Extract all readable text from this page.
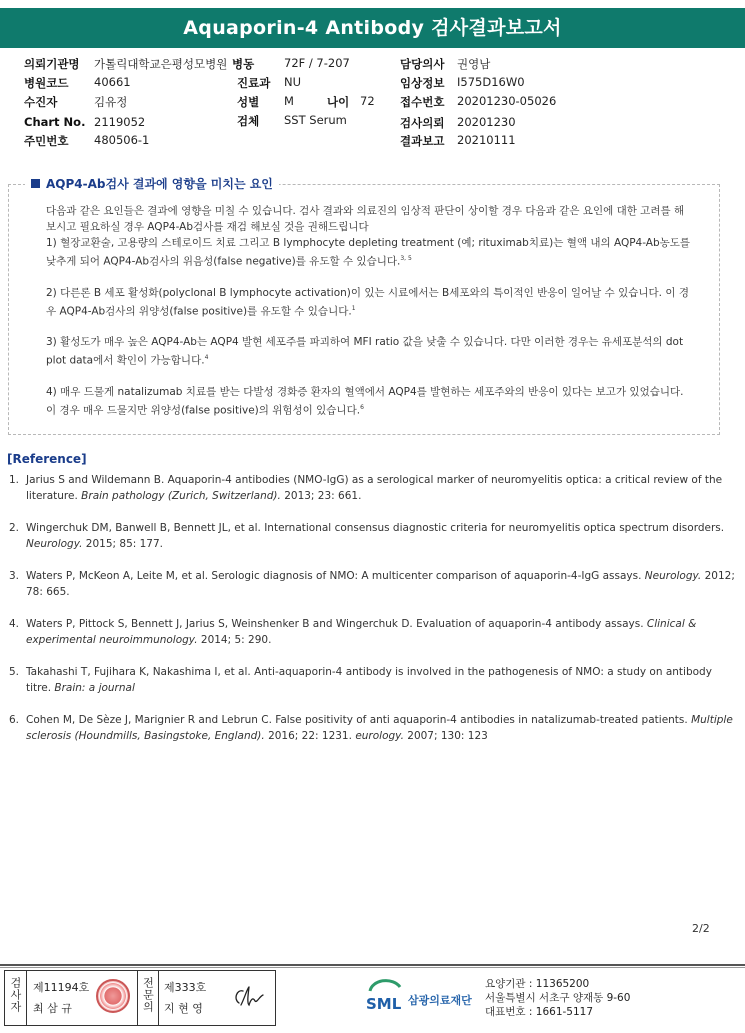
Aquaporin-4 Antibody 검사결과보고서
의뢰기관명 가톨릭대학교은평성모병원 병동	72F / 7-207	담당의사 권영남
병원코드 40661	진료과 NU	임상정보 I575D16W0
수진자	김유정	성별 M	나이 72 접수번호 20201230-05026
Chart No. 2119052	검체 SST Serum	검사의뢰 20201230
주민번호 480506-1	결과보고 20210111
AQP4-Ab검사 결과에 영향을 미치는 요인

다음과 같은 요인들은 결과에 영향을 미칠 수 있습니다. 검사 결과와 의료진의 임상적 판단이 상이할 경우 다음과 같은 요인에 대한 고려를 해 보시고 필요하실 경우 AQP4-Ab검사를 재검 해보실 것을 권해드립니다

1) 혈장교환술, 고용량의 스테로이드 치료 그리고 B lymphocyte depleting treatment (예; rituximab치료)는 혈액 내의 AQP4-Ab농도를 낮추게 되어 AQP4-Ab검사의 위음성(false negative)를 유도할 수 있습니다.$^{3, 5}$

2) 다른론 B 세포 활성화(polyclonal B lymphocyte activation)이 있는 시료에서는 B세포와의 특이적인 반응이 일어날 수 있습니다. 이 경우 AQP4-Ab검사의 위양성(false positive)를 유도할 수 있습니다.$^1$

3) 활성도가 매우 높은 AQP4-Ab는 AQP4 발현 세포주를 파괴하여 MFI ratio 값을 낮출 수 있습니다. 다만 이러한 경우는 유세포분석의 dot plot data에서 확인이 가능합니다.$^4$

4) 매우 드물게 natalizumab 치료를 받는 다발성 경화증 환자의 혈액에서 AQP4를 발현하는 세포주와의 반응이 있다는 보고가 있었습니다. 이 경우 매우 드물지만 위양성(false positive)의 위험성이 있습니다.$^6$

[Reference]
1. Jarius S and Wildemann B. Aquaporin-4 antibodies (NMO-IgG) as a serological marker of neuromyelitis optica: a critical review of the literature. Brain pathology (Zurich, Switzerland). 2013; 23: 661.
2. Wingerchuk DM, Banwell B, Bennett JL, et al. International consensus diagnostic criteria for neuromyelitis optica spectrum disorders. Neurology. 2015; 85: 177.
3. Waters P, McKeon A, Leite M, et al. Serologic diagnosis of NMO: A multicenter comparison of aquaporin-4-IgG assays. Neurology. 2012; 78: 665.
4. Waters P, Pittock S, Bennett J, Jarius S, Weinshenker B and Wingerchuk D. Evaluation of aquaporin-4 antibody assays. Clinical & experimental neuroimmunology. 2014; 5: 290.
5. Takahashi T, Fujihara K, Nakashima I, et al. Anti-aquaporin-4 antibody is involved in the pathogenesis of NMO: a study on antibody titre. Brain: a journal
6. Cohen M, De Sèze J, Marignier R and Lebrun C. False positivity of anti aquaporin-4 antibodies in natalizumab-treated patients. Multiple sclerosis (Houndmills, Basingstoke, England). 2016; 22: 1231. eurology. 2007; 130: 123
2/2
검사자 제11194호
최 삼 규	전문의 제333호
지 현 영	SML 삼광의료재단
요양기관 : 11365200
서울특별시 서초구 양재동 9-60
대표번호 : 1661-5117
